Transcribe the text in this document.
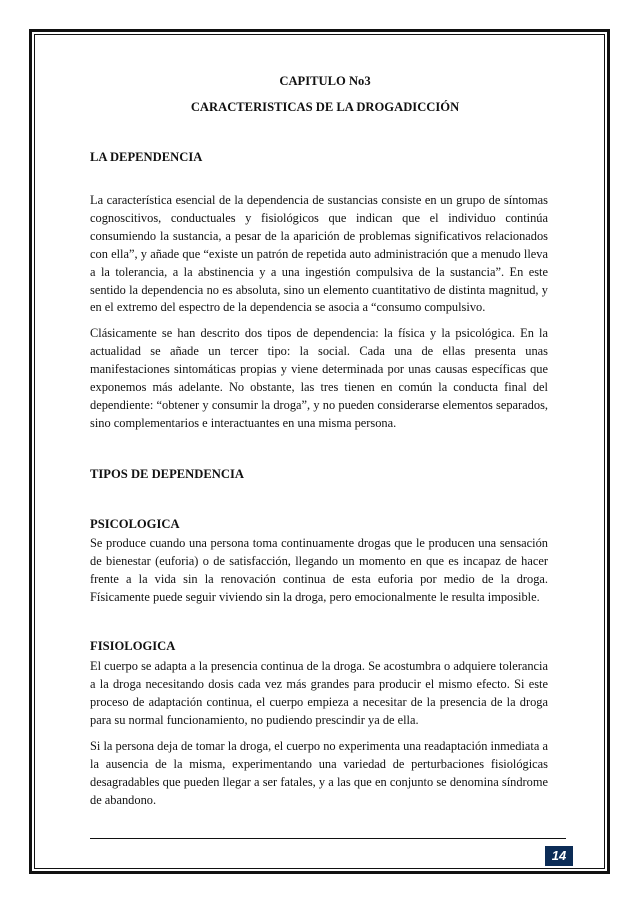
CAPITULO No3
CARACTERISTICAS DE LA DROGADICCIÓN
LA DEPENDENCIA

La característica esencial de la dependencia de sustancias consiste en un grupo de síntomas cognoscitivos, conductuales y fisiológicos que indican que el individuo continúa consumiendo la sustancia, a pesar de la aparición de problemas significativos relacionados con ella”, y añade que “existe un patrón de repetida auto administración que a menudo lleva a la tolerancia, a la abstinencia y a una ingestión compulsiva de la sustancia”. En este sentido la dependencia no es absoluta, sino un elemento cuantitativo de distinta magnitud, y en el extremo del espectro de la dependencia se asocia a “consumo compulsivo.

Clásicamente se han descrito dos tipos de dependencia: la física y la psicológica. En la actualidad se añade un tercer tipo: la social. Cada una de ellas presenta unas manifestaciones sintomáticas propias y viene determinada por unas causas específicas que exponemos más adelante. No obstante, las tres tienen en común la conducta final del dependiente: “obtener y consumir la droga”, y no pueden considerarse elementos separados, sino complementarios e interactuantes en una misma persona.

TIPOS DE DEPENDENCIA
PSICOLOGICA

Se produce cuando una persona toma continuamente drogas que le producen una sensación de bienestar (euforia) o de satisfacción, llegando un momento en que es incapaz de hacer frente a la vida sin la renovación continua de esta euforia por medio de la droga. Físicamente puede seguir viviendo sin la droga, pero emocionalmente le resulta imposible.

FISIOLOGICA

El cuerpo se adapta a la presencia continua de la droga. Se acostumbra o adquiere tolerancia a la droga necesitando dosis cada vez más grandes para producir el mismo efecto. Si este proceso de adaptación continua, el cuerpo empieza a necesitar de la presencia de la droga para su normal funcionamiento, no pudiendo prescindir ya de ella.

Si la persona deja de tomar la droga, el cuerpo no experimenta una readaptación inmediata a la ausencia de la misma, experimentando una variedad de perturbaciones fisiológicas desagradables que pueden llegar a ser fatales, y a las que en conjunto se denomina síndrome de abandono.

14
